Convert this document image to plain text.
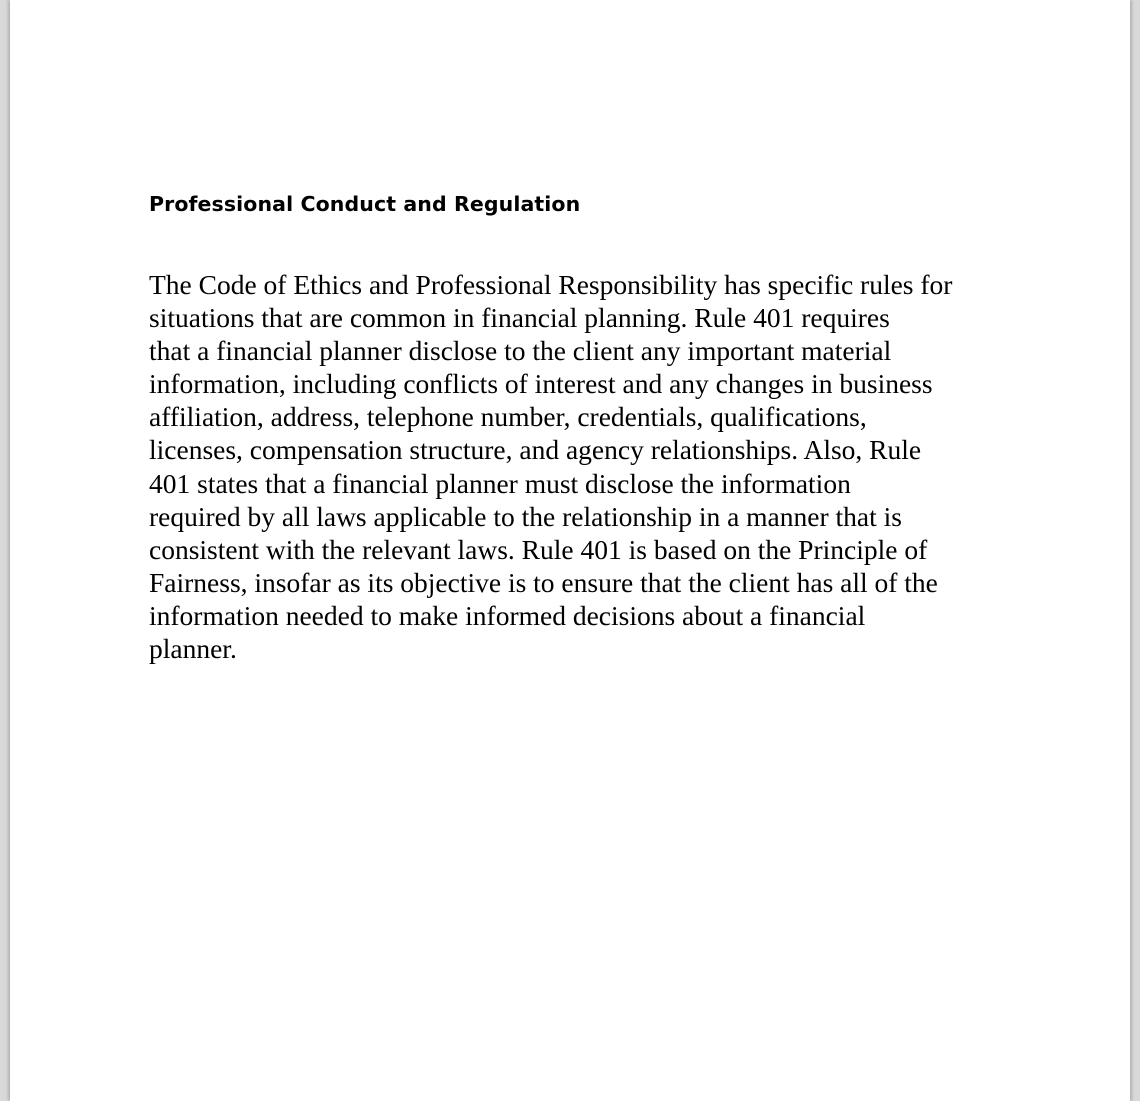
Professional Conduct and Regulation

The Code of Ethics and Professional Responsibility has specific rules for
situations that are common in financial planning. Rule 401 requires
that a financial planner disclose to the client any important material
information, including conflicts of interest and any changes in business
affiliation, address, telephone number, credentials, qualifications,
licenses, compensation structure, and agency relationships. Also, Rule
401 states that a financial planner must disclose the information
required by all laws applicable to the relationship in a manner that is
consistent with the relevant laws. Rule 401 is based on the Principle of
Fairness, insofar as its objective is to ensure that the client has all of the
information needed to make informed decisions about a financial
planner.
